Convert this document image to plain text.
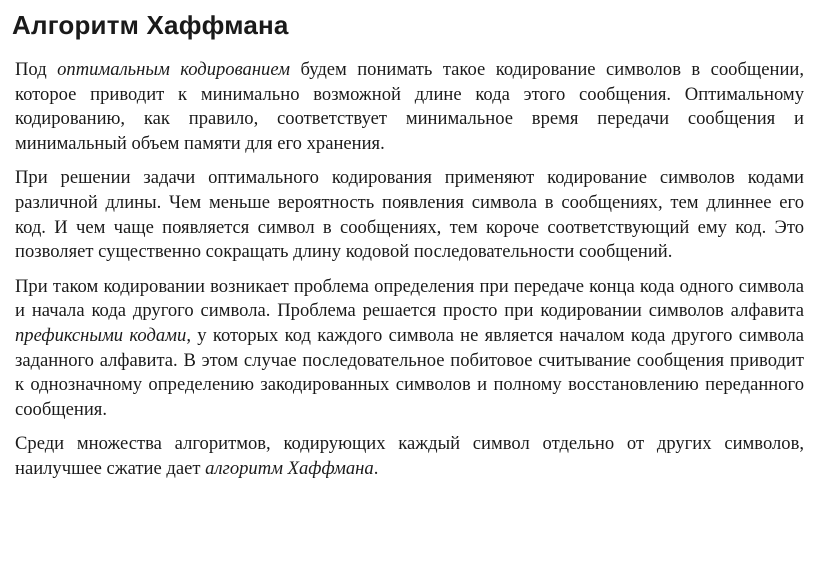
Алгоритм Хаффмана

Под оптимальным кодированием будем понимать такое кодирование символов в сообщении, которое приводит к минимально возможной длине кода этого сообщения. Оптимальному кодированию, как правило, соответствует минимальное время передачи сообщения и минимальный объем памяти для его хранения.

При решении задачи оптимального кодирования применяют кодирование символов кодами различной длины. Чем меньше вероятность появления символа в сообщениях, тем длиннее его код. И чем чаще появляется символ в сообщениях, тем короче соответствующий ему код. Это позволяет существенно сокращать длину кодовой последовательности сообщений.

При таком кодировании возникает проблема определения при передаче конца кода одного символа и начала кода другого символа. Проблема решается просто при кодировании символов алфавита префиксными кодами, у которых код каждого символа не является началом кода другого символа заданного алфавита. В этом случае последовательное побитовое считывание сообщения приводит к однозначному определению закодированных символов и полному восстановлению переданного сообщения.

Среди множества алгоритмов, кодирующих каждый символ отдельно от других символов, наилучшее сжатие дает алгоритм Хаффмана.
